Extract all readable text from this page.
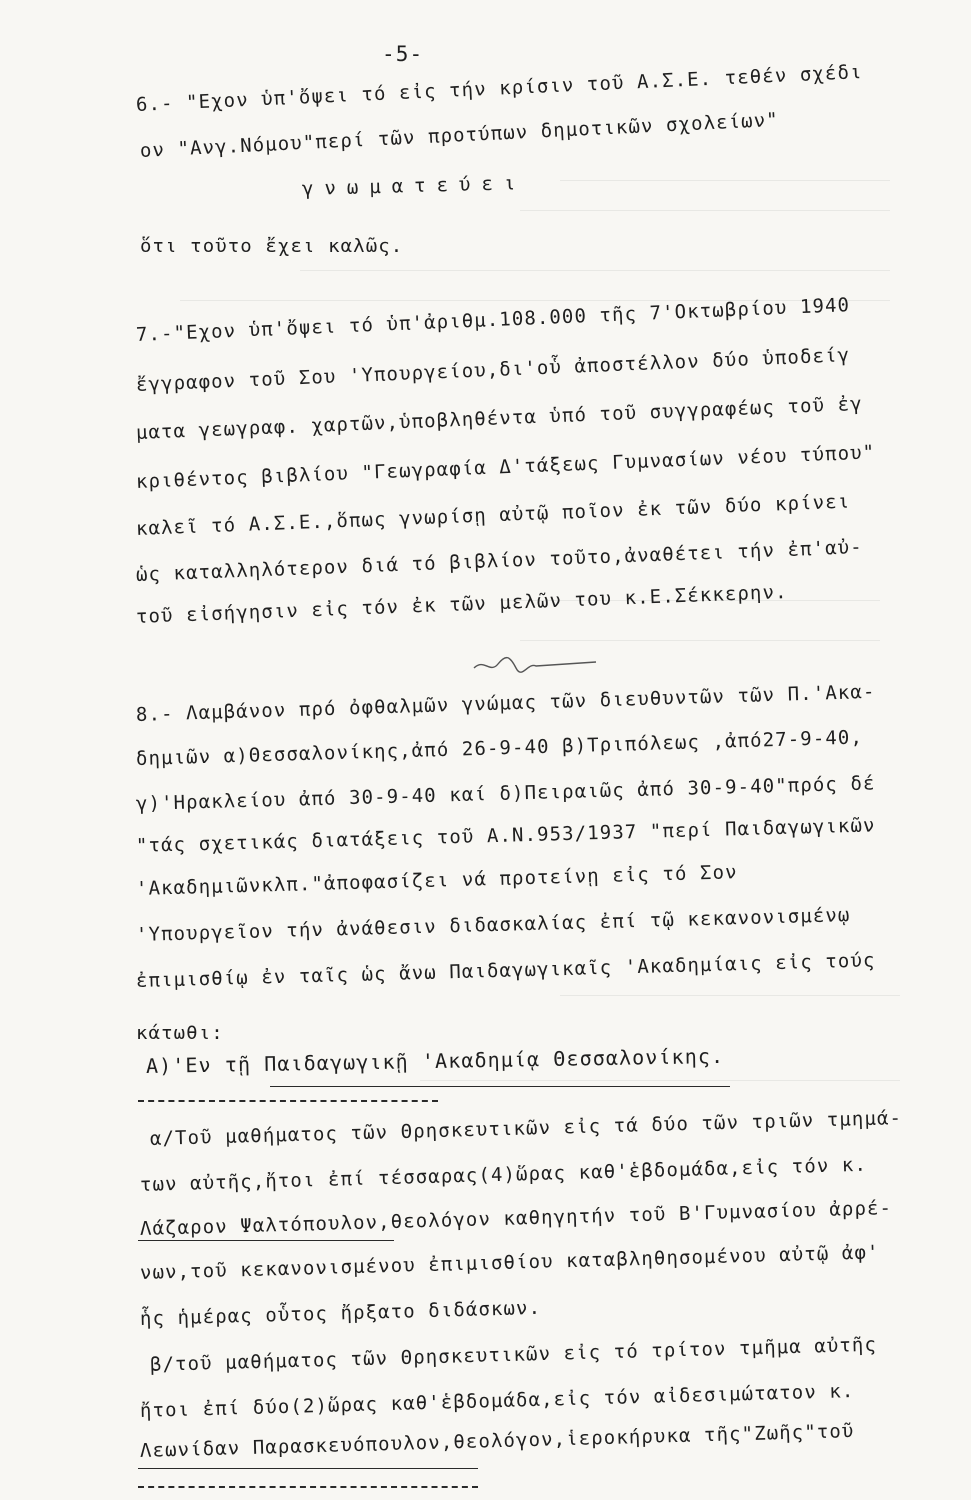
-5-
6.- "Εχον ὑπ'ὄψει τό εἰς τήν κρίσιν τοῦ Α.Σ.Ε. τεθέν σχέδι
ον "Ανγ.Νόμου"περί τῶν προτύπων δημοτικῶν σχολείων"
γνωματεύει
ὅτι τοῦτο ἔχει καλῶς.
7.-"Εχον ὑπ'ὄψει τό ὑπ'ἀριθμ.108.000 τῆς 7'Οκτωβρίου 1940
ἔγγραφον τοῦ Σου 'Υπουργείου,δι'οὗ ἀποστέλλον δύο ὑποδείγ
ματα γεωγραφ. χαρτῶν,ὑποβληθέντα ὑπό τοῦ συγγραφέως τοῦ ἐγ
κριθέντος βιβλίου "Γεωγραφία Δ'τάξεως Γυμνασίων νέου τύπου"
καλεῖ τό Α.Σ.Ε.,ὅπως γνωρίσῃ αὐτῷ ποῖον ἐκ τῶν δύο κρίνει
ὡς καταλληλότερον διά τό βιβλίον τοῦτο,ἀναθέτει τήν ἐπ'αὐ-
τοῦ εἰσήγησιν εἰς τόν ἐκ τῶν μελῶν του κ.Ε.Σέκκερην.
8.- Λαμβάνον πρό ὀφθαλμῶν γνώμας τῶν διευθυντῶν τῶν Π.'Ακα-
δημιῶν α)Θεσσαλονίκης,ἀπό 26-9-40 β)Τριπόλεως ,ἀπό27-9-40,
γ)'Ηρακλείου ἀπό 30-9-40 καί δ)Πειραιῶς ἀπό 30-9-40"πρός δέ
"τάς σχετικάς διατάξεις τοῦ Α.Ν.953/1937 "περί Παιδαγωγικῶν
'Ακαδημιῶνκλπ."ἀποφασίζει νά προτείνῃ εἰς τό Σον
'Υπουργεῖον τήν ἀνάθεσιν διδασκαλίας ἐπί τῷ κεκανονισμένῳ
ἐπιμισθίῳ ἐν ταῖς ὡς ἄνω Παιδαγωγικαῖς 'Ακαδημίαις εἰς τούς
κάτωθι:
Α)'Εν τῇ Παιδαγωγικῇ 'Ακαδημίᾳ Θεσσαλονίκης.
α/Τοῦ μαθήματος τῶν Θρησκευτικῶν εἰς τά δύο τῶν τριῶν τμημά-
των αὐτῆς,ἤτοι ἐπί τέσσαρας(4)ὥρας καθ'ἑβδομάδα,εἰς τόν κ.
Λάζαρον Ψαλτόπουλον,θεολόγον καθηγητήν τοῦ Β'Γυμνασίου ἀρρέ-
νων,τοῦ κεκανονισμένου ἐπιμισθίου καταβληθησομένου αὐτῷ ἀφ'
ἧς ἡμέρας οὗτος ἤρξατο διδάσκων.
β/τοῦ μαθήματος τῶν Θρησκευτικῶν εἰς τό τρίτον τμῆμα αὐτῆς
ἤτοι ἐπί δύο(2)ὥρας καθ'ἑβδομάδα,εἰς τόν αἰδεσιμώτατον κ.
Λεωνίδαν Παρασκευόπουλον,θεολόγον,ἱεροκήρυκα τῆς"Ζωῆς"τοῦ
